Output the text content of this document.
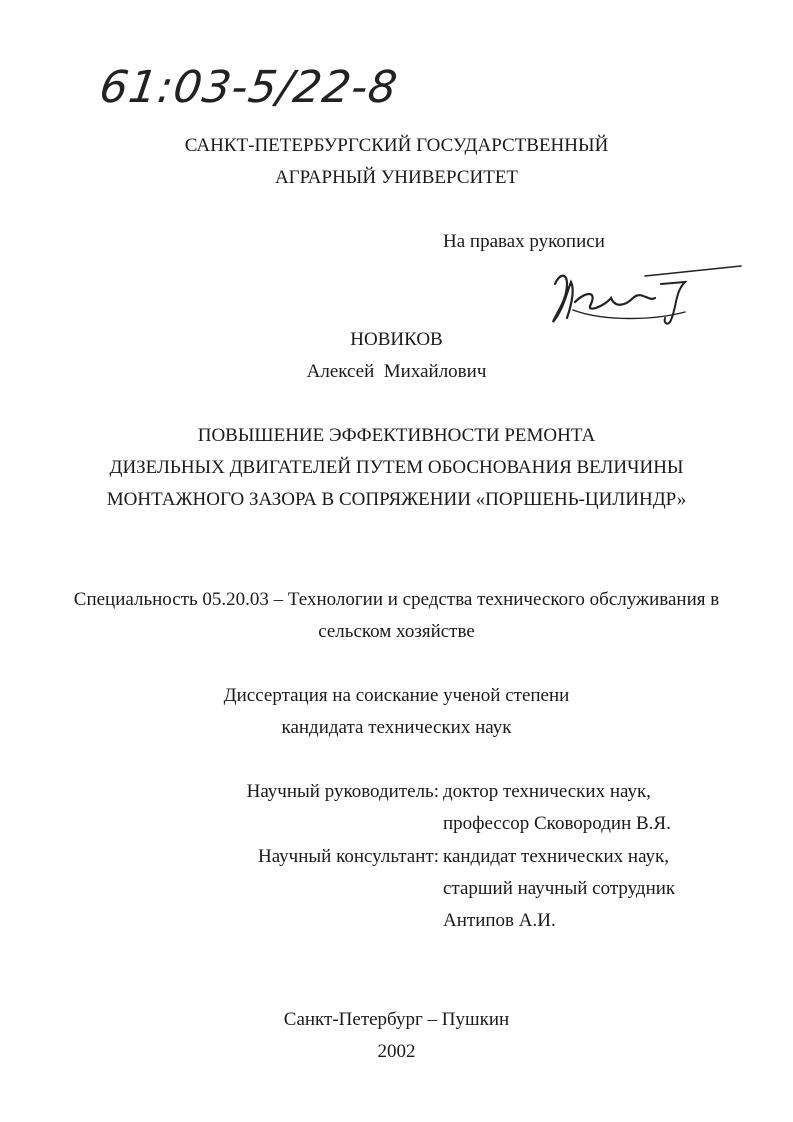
61:03-5/22-8

САНКТ-ПЕТЕРБУРГСКИЙ ГОСУДАРСТВЕННЫЙ

АГРАРНЫЙ УНИВЕРСИТЕТ

На правах рукописи

НОВИКОВ

Алексей  Михайлович

ПОВЫШЕНИЕ ЭФФЕКТИВНОСТИ РЕМОНТА

ДИЗЕЛЬНЫХ ДВИГАТЕЛЕЙ ПУТЕМ ОБОСНОВАНИЯ ВЕЛИЧИНЫ

МОНТАЖНОГО ЗАЗОРА В СОПРЯЖЕНИИ «ПОРШЕНЬ-ЦИЛИНДР»

Специальность 05.20.03 – Технологии и средства технического обслуживания в

сельском хозяйстве

Диссертация на соискание ученой степени

кандидата технических наук

Научный руководитель: доктор технических наук,

профессор Сковородин В.Я.

Научный консультант: кандидат технических наук,

старший научный сотрудник

Антипов А.И.

Санкт-Петербург – Пушкин

2002
